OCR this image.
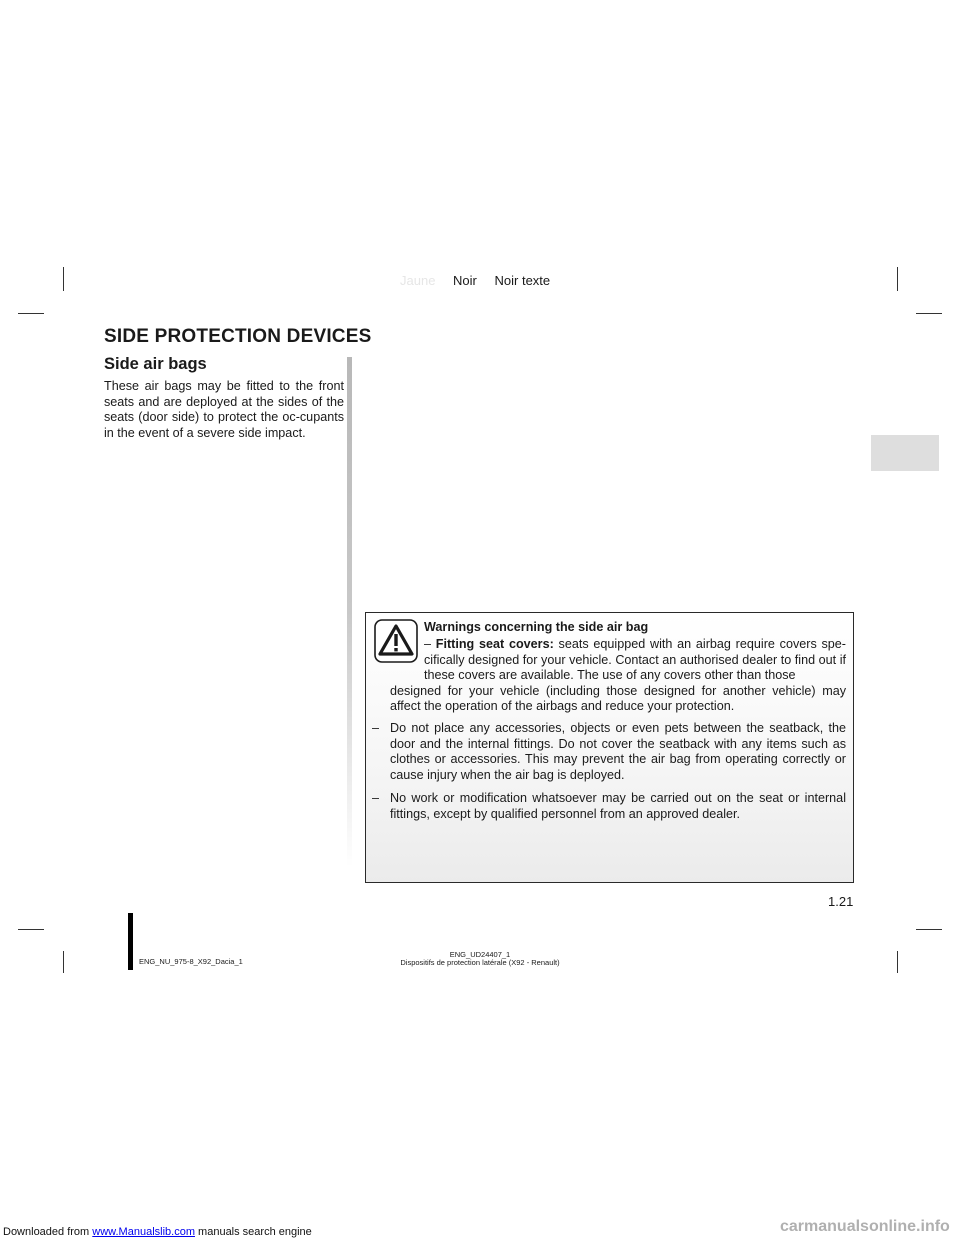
Jaune Noir Noir texte
SIDE PROTECTION DEVICES
Side air bags
These air bags may be fitted to the front seats and are deployed at the sides of the seats (door side) to protect the oc-cupants in the event of a severe side impact.
Warnings concerning the side air bag
– Fitting seat covers: seats equipped with an airbag require covers spe-cifically designed for your vehicle. Contact an authorised dealer to find out if these covers are available. The use of any covers other than those
designed for your vehicle (including those designed for another vehicle) may affect the operation of the airbags and reduce your protection.
– Do not place any accessories, objects or even pets between the seatback, the door and the internal fittings. Do not cover the seatback with any items such as clothes or accessories. This may prevent the air bag from operating correctly or cause injury when the air bag is deployed.
– No work or modification whatsoever may be carried out on the seat or internal fittings, except by qualified personnel from an approved dealer.
1.21
ENG_NU_975-8_X92_Dacia_1
ENG_UD24407_1
Dispositifs de protection latérale (X92 - Renault)
Downloaded from www.Manualslib.com manuals search engine	carmanualsonline.info
